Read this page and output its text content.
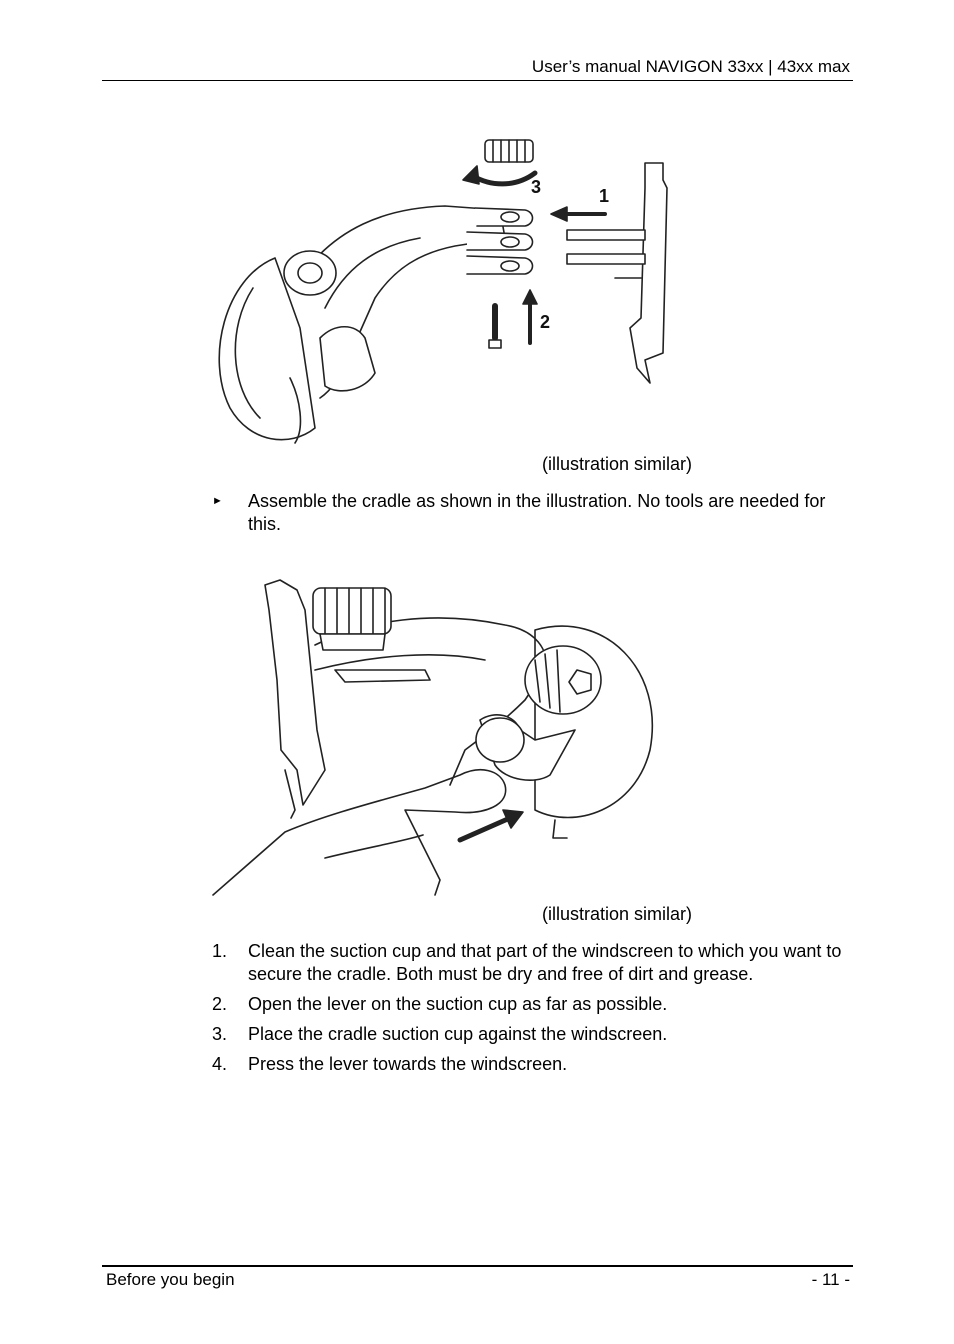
User’s manual NAVIGON 33xx | 43xx max
3	1
2
(illustration similar)
► Assemble the cradle as shown in the illustration. No tools are needed for this.
(illustration similar)
1. Clean the suction cup and that part of the windscreen to which you want to secure the cradle. Both must be dry and free of dirt and grease.
2. Open the lever on the suction cup as far as possible.
3. Place the cradle suction cup against the windscreen.
4. Press the lever towards the windscreen.
Before you begin	- 11 -
